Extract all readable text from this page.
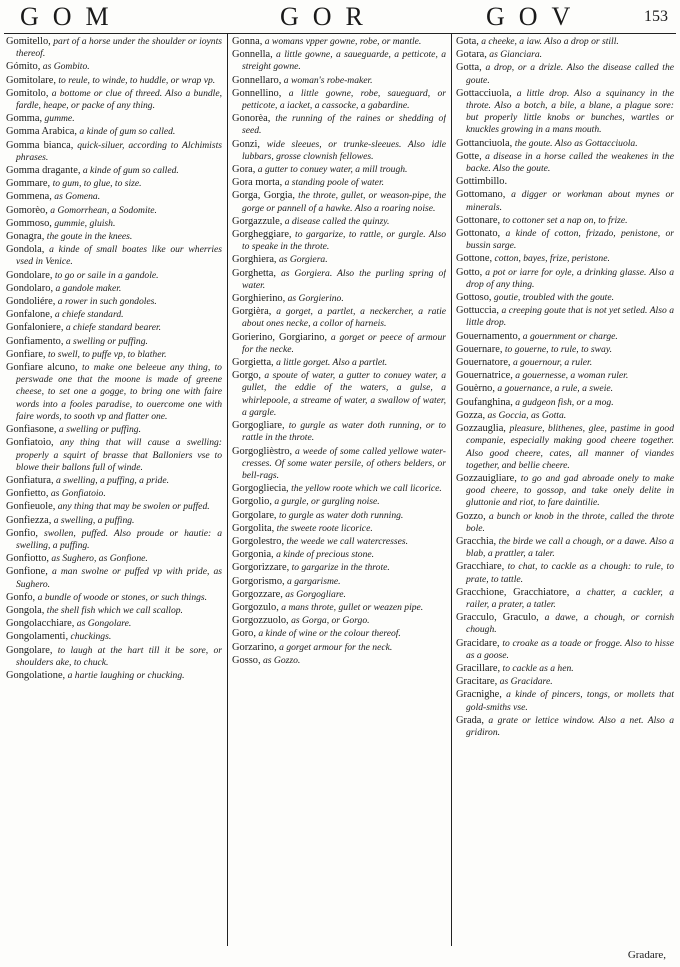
GOM	GOR	GOV	153
Gomitello, part of a horse under the shoulder or ioynts thereof.
Gómito, as Gombito.
Gomitolare, to reule, to winde, to huddle, or wrap vp.
Gomitolo, a bottome or clue of threed. Also a bundle, fardle, heape, or packe of any thing.
Gomma, gumme.
Gomma Arabica, a kinde of gum so called.
Gomma bianca, quick-siluer, according to Alchimists phrases.
Gomma dragante, a kinde of gum so called.
Gommare, to gum, to glue, to size.
Gommena, as Gomena.
Gomorèo, a Gomorrhean, a Sodomite.
Gommoso, gummie, gluish.
Gonagra, the goute in the knees.
Gondola, a kinde of small boates like our wherries vsed in Venice.
Gondolare, to go or saile in a gandole.
Gondolaro, a gandole maker.
Gondoliére, a rower in such gondoles.
Gonfalone, a chiefe standard.
Gonfaloniere, a chiefe standard bearer.
Gonfiamento, a swelling or puffing.
Gonfiare, to swell, to puffe vp, to blather.
Gonfiare alcuno, to make one beleeue any thing, to perswade one that the moone is made of greene cheese, to set one a gogge, to bring one with faire words into a fooles paradise, to ouercome one with faire words, to sooth vp and flatter one.
Gonfiasone, a swelling or puffing.
Gonfiatoio, any thing that will cause a swelling: properly a squirt of brasse that Balloniers vse to blowe their ballons full of winde.
Gonfiatura, a swelling, a puffing, a pride.
Gonfietto, as Gonfiatoio.
Gonfieuole, any thing that may be swolen or puffed.
Gonfiezza, a swelling, a puffing.
Gonfio, swollen, puffed. Also proude or hautie: a swelling, a puffing.
Gonfiotto, as Sughero, as Gonfione.
Gonfione, a man swolne or puffed vp with pride, as Sughero.
Gonfo, a bundle of woode or stones, or such things.
Gongola, the shell fish which we call scallop.
Gongolacchiare, as Gongolare.
Gongolamenti, chuckings.
Gongolare, to laugh at the hart till it be sore, or shoulders ake, to chuck.
Gongolatione, a hartie laughing or chucking.
Gonna, a womans vpper gowne, robe, or mantle.
Gonnella, a little gowne, a saueguarde, a petticote, a streight gowne.
Gonnellaro, a woman's robe-maker.
Gonnellino, a little gowne, robe, saueguard, or petticote, a iacket, a cassocke, a gabardine.
Gonorèa, the running of the raines or shedding of seed.
Gonzi, wide sleeues, or trunke-sleeues. Also idle lubbars, grosse clownish fellowes.
Gora, a gutter to conuey water, a mill trough.
Gora morta, a standing poole of water.
Gorga, Gorgia, the throte, gullet, or weason-pipe, the gorge or pannell of a hawke. Also a roaring noise.
Gorgazzule, a disease called the quinzy.
Gorgheggiare, to gargarize, to rattle, or gurgle. Also to speake in the throte.
Gorghiera, as Gorgiera.
Gorghetta, as Gorgiera. Also the purling spring of water.
Gorghierino, as Gorgierino.
Gorgièra, a gorget, a partlet, a neckercher, a ratie about ones necke, a collor of harneis.
Gorierino, Gorgiarino, a gorget or peece of armour for the necke.
Gorgietta, a little gorget. Also a partlet.
Gorgo, a spoute of water, a gutter to conuey water, a gullet, the eddie of the waters, a gulse, a whirlepoole, a streame of water, a swallow of water, a gargle.
Gorgogliare, to gurgle as water doth running, or to rattle in the throte.
Gorgoglièstro, a weede of some called yellowe water-cresses. Of some water persile, of others belders, or bell-rags.
Gorgogliecia, the yellow roote which we call licorice.
Gorgolio, a gurgle, or gurgling noise.
Gorgolare, to gurgle as water doth running.
Gorgolita, the sweete roote licorice.
Gorgolestro, the weede we call watercresses.
Gorgonia, a kinde of precious stone.
Gorgorizzare, to gargarize in the throte.
Gorgorismo, a gargarisme.
Gorgozzare, as Gorgogliare.
Gorgozulo, a mans throte, gullet or weazen pipe.
Gorgozzuolo, as Gorga, or Gorgo.
Goro, a kinde of wine or the colour thereof.
Gorzarino, a gorget armour for the neck.
Gosso, as Gozzo.
Gota, a cheeke, a iaw. Also a drop or still.
Gotara, as Gianciara.
Gotta, a drop, or a drizle. Also the disease called the goute.
Gottacciuola, a little drop. Also a squinancy in the throte. Also a botch, a bile, a blane, a plague sore: but properly little knobs or bunches, wartles or knuckles growing in a mans mouth.
Gottanciuola, the goute. Also as Gottacciuola.
Gotte, a disease in a horse called the weakenes in the backe. Also the goute.
Gottimbillo.
Gottomano, a digger or workman about mynes or minerals.
Gottonare, to cottoner set a nap on, to frize.
Gottonato, a kinde of cotton, frizado, penistone, or bussin sarge.
Gottone, cotton, bayes, frize, peristone.
Gotto, a pot or iarre for oyle, a drinking glasse. Also a drop of any thing.
Gottoso, goutie, troubled with the goute.
Gottuccia, a creeping goute that is not yet setled. Also a little drop.
Gouernamento, a gouernment or charge.
Gouernare, to gouerne, to rule, to sway.
Gouernatore, a gouernour, a ruler.
Gouernatrice, a gouernesse, a woman ruler.
Gouèrno, a gouernance, a rule, a sweie.
Goufanghina, a gudgeon fish, or a mog.
Gozza, as Goccia, as Gotta.
Gozzauglia, pleasure, blithenes, glee, pastime in good companie, especially making good cheere together. Also good cheere, cates, all manner of viandes together, and bellie cheere.
Gozzauigliare, to go and gad abroade onely to make good cheere, to gossop, and take onely delite in gluttonie and riot, to fare daintilie.
Gozzo, a bunch or knob in the throte, called the throte bole.
Gracchia, the birde we call a chough, or a dawe. Also a blab, a prattler, a taler.
Gracchiare, to chat, to cackle as a chough: to rule, to prate, to tattle.
Gracchione, Gracchiatore, a chatter, a cackler, a railer, a prater, a tatler.
Gracculo, Graculo, a dawe, a chough, or cornish chough.
Gracidare, to croake as a toade or frogge. Also to hisse as a goose.
Gracillare, to cackle as a hen.
Gracitare, as Gracidare.
Gracnighe, a kinde of pincers, tongs, or mollets that gold-smiths vse.
Grada, a grate or lettice window. Also a net. Also a gridiron.
Gradare,
